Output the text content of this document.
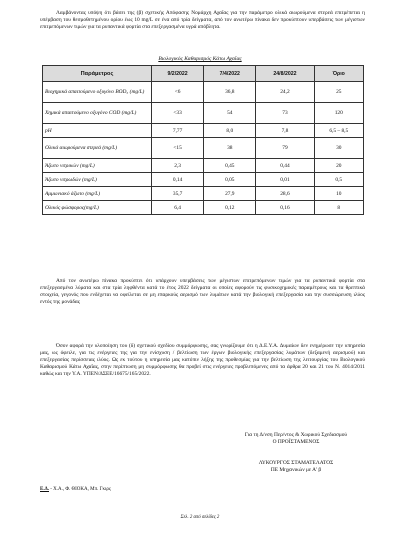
Λαμβάνοντας υπόψη ότι βάσει της (β) σχετικής Απόφασης Νομάρχη Αχαΐας για την παράμετρο ολικά αιωρούμενα στερεά επιτρέπεται η υπέρβαση του θεσμοθετημένου ορίου έως 10 mg/L σε ένα από τρία δείγματα, από τον ανωτέρω πίνακα δεν προκύπτουν υπερβάσεις των μέγιστων επιτρεπόμενων τιμών για τα ρυπαντικά φορτία στα επεξεργασμένα υγρά απόβλητα.

Βιολογικός Καθαρισμός Κάτω Αχαΐας
Παράμετρος	9/2/2022	7/4/2022	24/8/2022	Όριο
Βιοχημικά απαιτούμενο οξυγόνο BOD₅ (mg/L)	<6	36,8	24,2	25
Χημικά απαιτούμενο οξυγόνο COD (mg/L)	<33	54	73	120
pH	7,77	8,0	7,8	6,5 – 8,5
Ολικά αιωρούμενα στερεά (mg/L)	<15	38	79	30
Άζωτο νιτρικών (mg/L)	2,3	0,45	0,44	20
Άζωτο νιτρωδών (mg/L)	0,14	0,05	0,01	0,5
Αμμωνιακό άζωτο (mg/L)	35,7	27,9	28,6	10
Ολικός φώσφορος(mg/L)	6,4	0,12	0,16	8

Από τον ανωτέρω πίνακα προκύπτει ότι υπάρχουν υπερβάσεις των μέγιστων επιτρεπόμενων τιμών για τα ρυπαντικά φορτία στα επεξεργασμένα λύματα και στα τρία ληφθέντα κατά το έτος 2022 δείγματα οι οποίες αφορούν τις φυσικοχημικές παραμέτρους και τα θρεπτικά στοιχεία, γεγονός που ενδέχεται να οφείλεται σε μη επαρκούς αερισμό των λυμάτων κατά την βιολογική επεξεργασία και την συσσώρευση ιλύος εντός της μονάδας

Όσον αφορά την υλοποίηση του (δ) σχετικού σχεδίου συμμόρφωσης, σας γνωρίζουμε ότι η Δ.Ε.Υ.Α. Δυμαίων δεν ενημέρωσε την υπηρεσία μας, ως όφειλε, για τις ενέργειες της για την ενίσχυση / βελτίωση των έργων βιολογικής επεξεργασίας λυμάτων (δεξαμενή αερισμού) και επεξεργασίας περίσσειας ιλύος. Ως εκ τούτου η υπηρεσία μας κατόπιν λήξης της προθεσμίας για την βελτίωση της λειτουργίας του Βιολογικού Καθαρισμού Κάτω Αχαΐας, στην περίπτωση μη συμμόρφωσης θα προβεί στις ενέργειες προβλεπόμενες από τα άρθρα 20 και 21 του Ν. 4014/2011 καθώς και την Υ.Α. ΥΠΕΝ/ΔΣΕΕ/16675/165/2022.

Για τη Δ/νση Περ/ντος & Χωρικού Σχεδιασμού
Ο ΠΡΟΪΣΤΑΜΕΝΟΣ
ΛΥΚΟΥΡΓΟΣ ΣΤΑΜΑΤΕΛΑΤΟΣ
ΠΕ Μηχανικών με Α' β
Ε.Δ. - Χ.Α., Φ. ΘΙΟΚΑ, Μπ. Γκιρς
Σελ. 2 από σελίδες 2
